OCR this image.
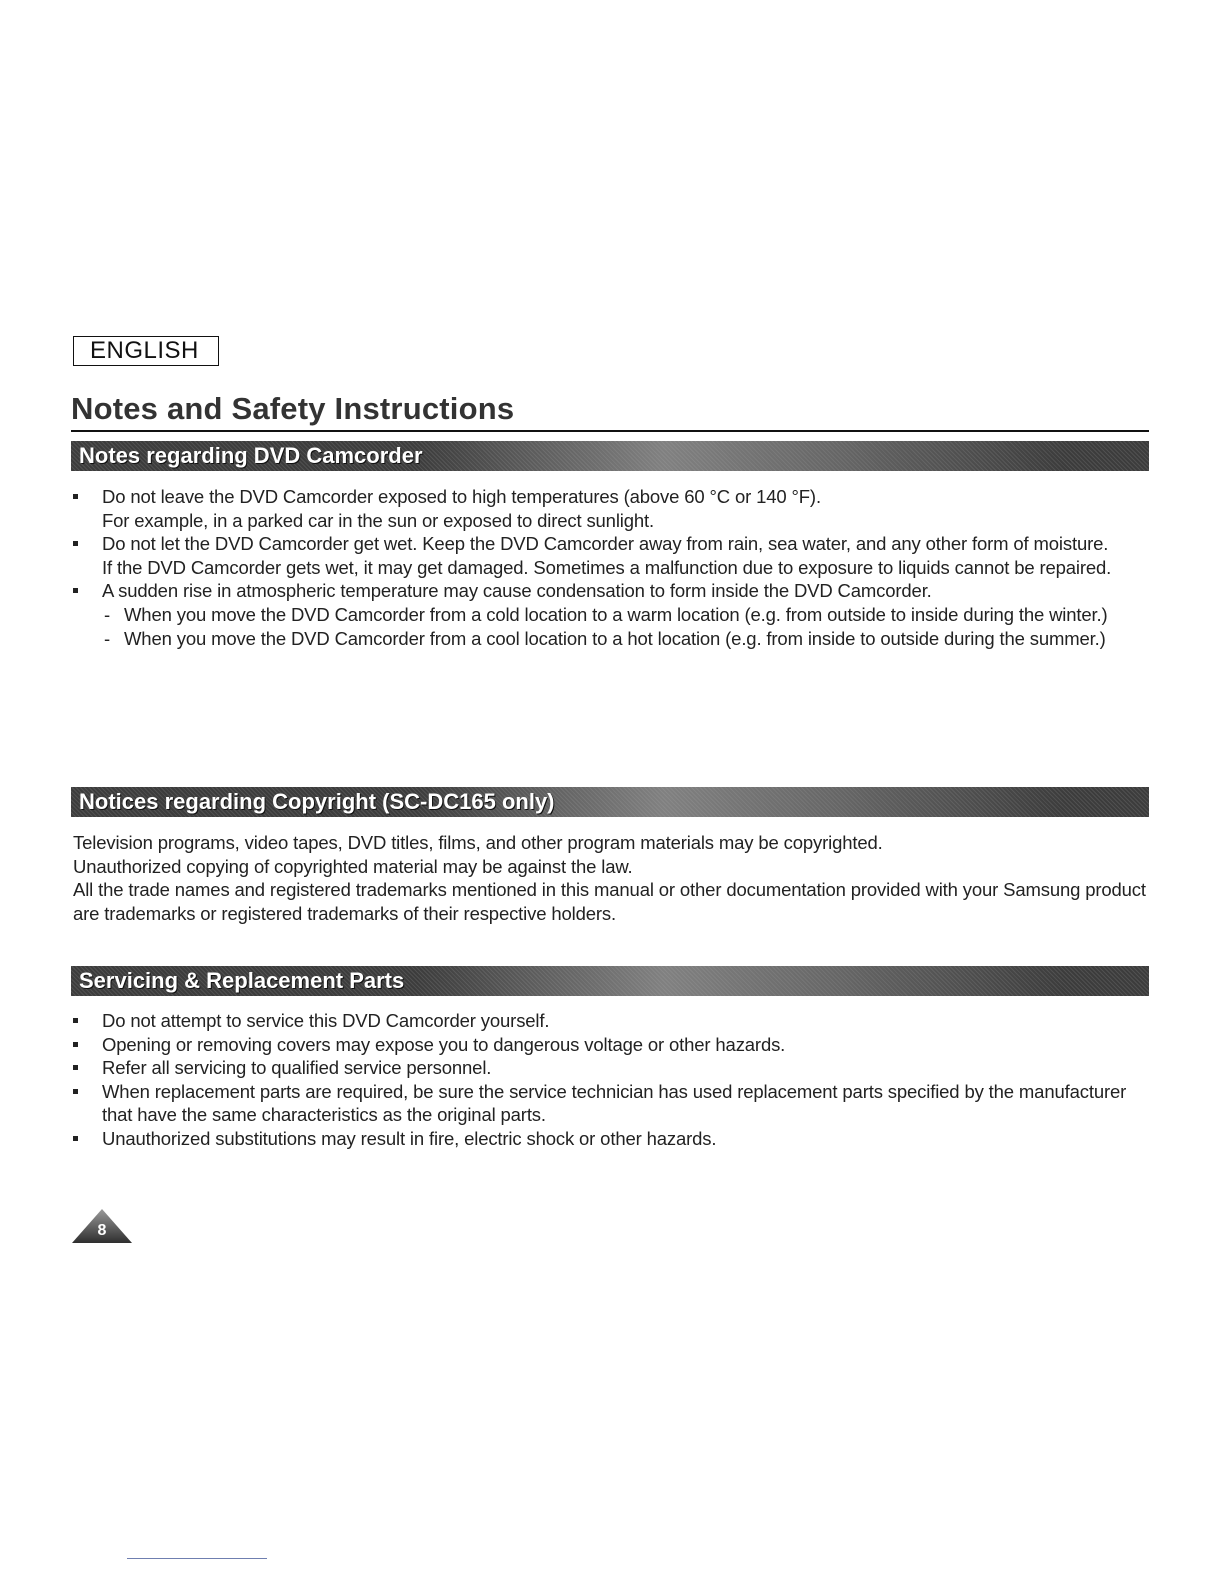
ENGLISH
Notes and Safety Instructions
Notes regarding DVD Camcorder

Do not leave the DVD Camcorder exposed to high temperatures (above 60 °C or 140 °F).

For example, in a parked car in the sun or exposed to direct sunlight.

Do not let the DVD Camcorder get wet. Keep the DVD Camcorder away from rain, sea water, and any other form of moisture.

If the DVD Camcorder gets wet, it may get damaged. Sometimes a malfunction due to exposure to liquids cannot be repaired.

A sudden rise in atmospheric temperature may cause condensation to form inside the DVD Camcorder.

- When you move the DVD Camcorder from a cold location to a warm location (e.g. from outside to inside during the winter.)
- When you move the DVD Camcorder from a cool location to a hot location (e.g. from inside to outside during the summer.)
Notices regarding Copyright (SC-DC165 only)

Television programs, video tapes, DVD titles, films, and other program materials may be copyrighted.

Unauthorized copying of copyrighted material may be against the law.

All the trade names and registered trademarks mentioned in this manual or other documentation provided with your Samsung product are trademarks or registered trademarks of their respective holders.

Servicing & Replacement Parts
Do not attempt to service this DVD Camcorder yourself.
Opening or removing covers may expose you to dangerous voltage or other hazards.
Refer all servicing to qualified service personnel.
When replacement parts are required, be sure the service technician has used replacement parts specified by the manufacturer that have the same characteristics as the original parts.
Unauthorized substitutions may result in fire, electric shock or other hazards.
8
